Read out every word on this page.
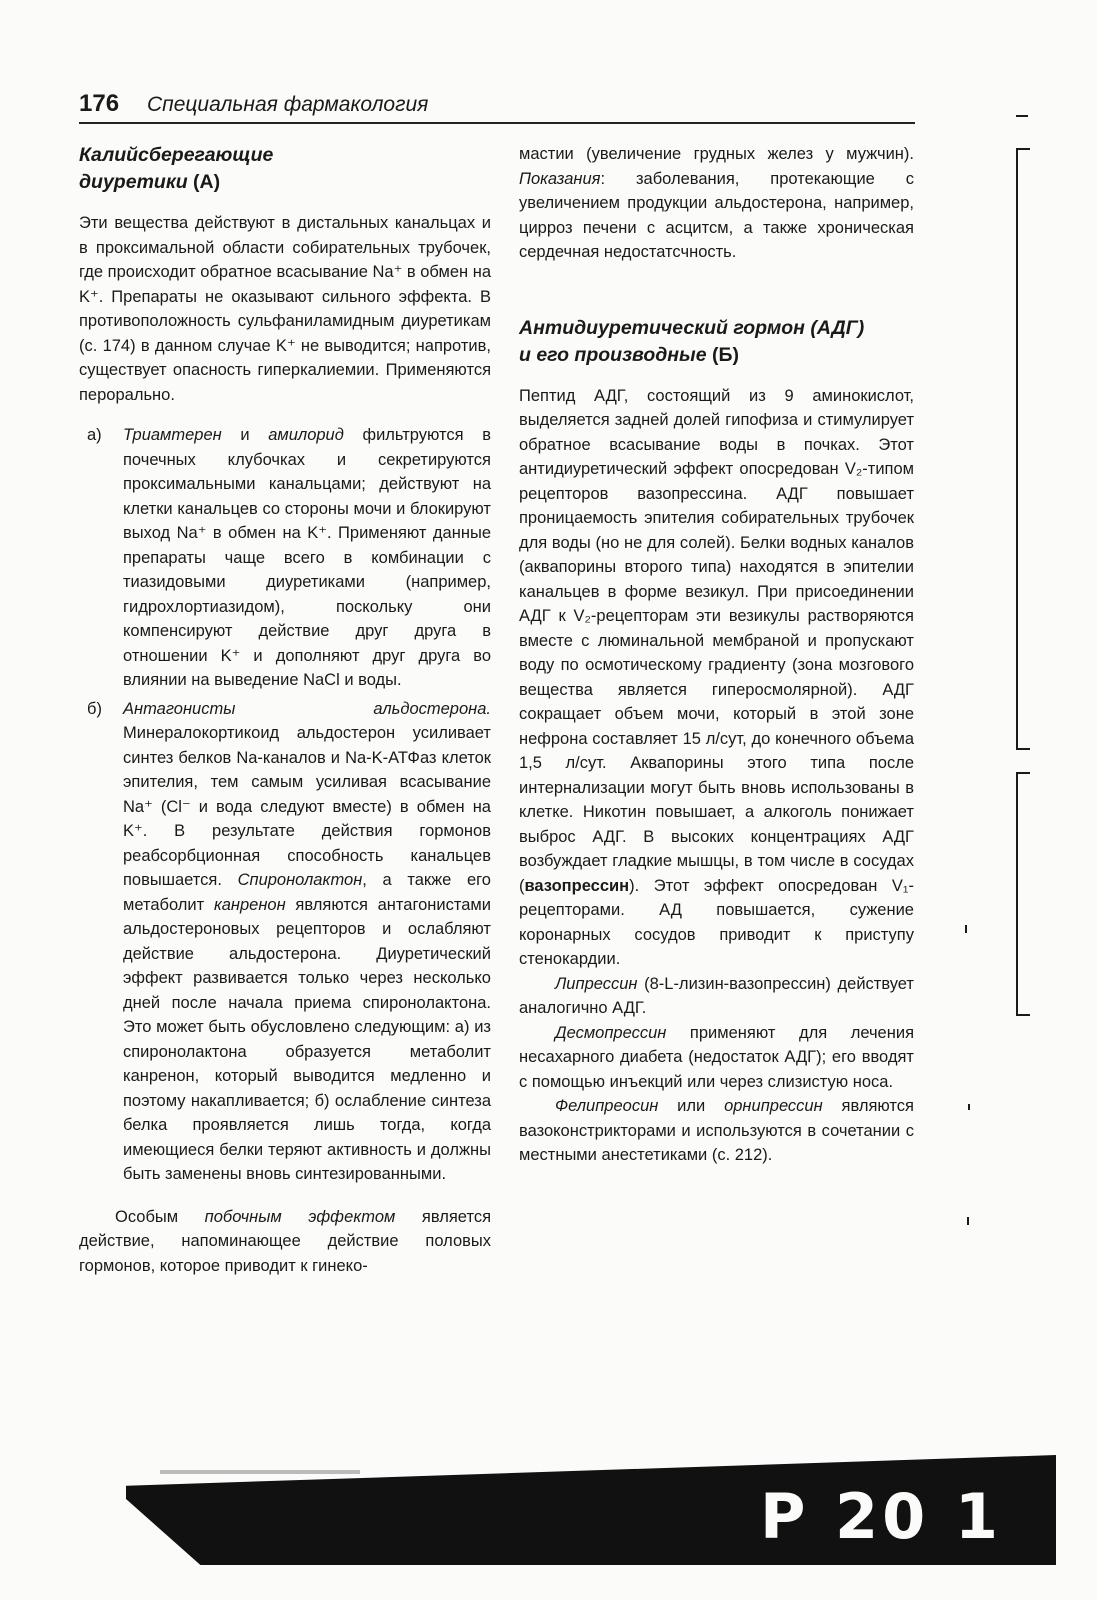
176 Специальная фармакология
Калийсберегающие
диуретики (А)

Эти вещества действуют в дистальных канальцах и в проксимальной области собирательных трубочек, где происходит обратное всасывание Na⁺ в обмен на K⁺. Препараты не оказывают сильного эффекта. В противоположность сульфаниламидным диуретикам (с. 174) в данном случае K⁺ не выводится; напротив, существует опасность гиперкалиемии. Применяются перорально.

а) Триамтерен и амилорид фильтруются в почечных клубочках и секретируются проксимальными канальцами; действуют на клетки канальцев со стороны мочи и блокируют выход Na⁺ в обмен на K⁺. Применяют данные препараты чаще всего в комбинации с тиазидовыми диуретиками (например, гидрохлортиазидом), поскольку они компенсируют действие друг друга в отношении K⁺ и дополняют друг друга во влиянии на выведение NaCl и воды.
б) Антагонисты альдостерона. Минералокортикоид альдостерон усиливает синтез белков Na-каналов и Na-K-АТФаз клеток эпителия, тем самым усиливая всасывание Na⁺ (Cl⁻ и вода следуют вместе) в обмен на K⁺. В результате действия гормонов реабсорбционная способность канальцев повышается. Спиронолактон, а также его метаболит канренон являются антагонистами альдостероновых рецепторов и ослабляют действие альдостерона. Диуретический эффект развивается только через несколько дней после начала приема спиронолактона. Это может быть обусловлено следующим: а) из спиронолактона образуется метаболит канренон, который выводится медленно и поэтому накапливается; б) ослабление синтеза белка проявляется лишь тогда, когда имеющиеся белки теряют активность и должны быть заменены вновь синтезированными.

Особым побочным эффектом является действие, напоминающее действие половых гормонов, которое приводит к гинеко-

мастии (увеличение грудных желез у мужчин). Показания: заболевания, протекающие с увеличением продукции альдостерона, например, цирроз печени с асцитсм, а также хроническая сердечная недостатсчность.

Антидиуретический гормон (АДГ)
и его производные (Б)

Пептид АДГ, состоящий из 9 аминокислот, выделяется задней долей гипофиза и стимулирует обратное всасывание воды в почках. Этот антидиуретический эффект опосредован V₂-типом рецепторов вазопрессина. АДГ повышает проницаемость эпителия собирательных трубочек для воды (но не для солей). Белки водных каналов (аквапорины второго типа) находятся в эпителии канальцев в форме везикул. При присоединении АДГ к V₂-рецепторам эти везикулы растворяются вместе с люминальной мембраной и пропускают воду по осмотическому градиенту (зона мозгового вещества является гиперосмолярной). АДГ сокращает объем мочи, который в этой зоне нефрона составляет 15 л/сут, до конечного объема 1,5 л/сут. Аквапорины этого типа после интернализации могут быть вновь использованы в клетке. Никотин повышает, а алкоголь понижает выброс АДГ. В высоких концентрациях АДГ возбуждает гладкие мышцы, в том числе в сосудах (вазопрессин). Этот эффект опосредован V₁-рецепторами. АД повышается, сужение коронарных сосудов приводит к приступу стенокардии.

Липрессин (8-L-лизин-вазопрессин) действует аналогично АДГ.

Десмопрессин применяют для лечения несахарного диабета (недостаток АДГ); его вводят с помощью инъекций или через слизистую носа.

Фелипреосин или орнипрессин являются вазоконстрикторами и используются в сочетании с местными анестетиками (с. 212).

P 20 1
